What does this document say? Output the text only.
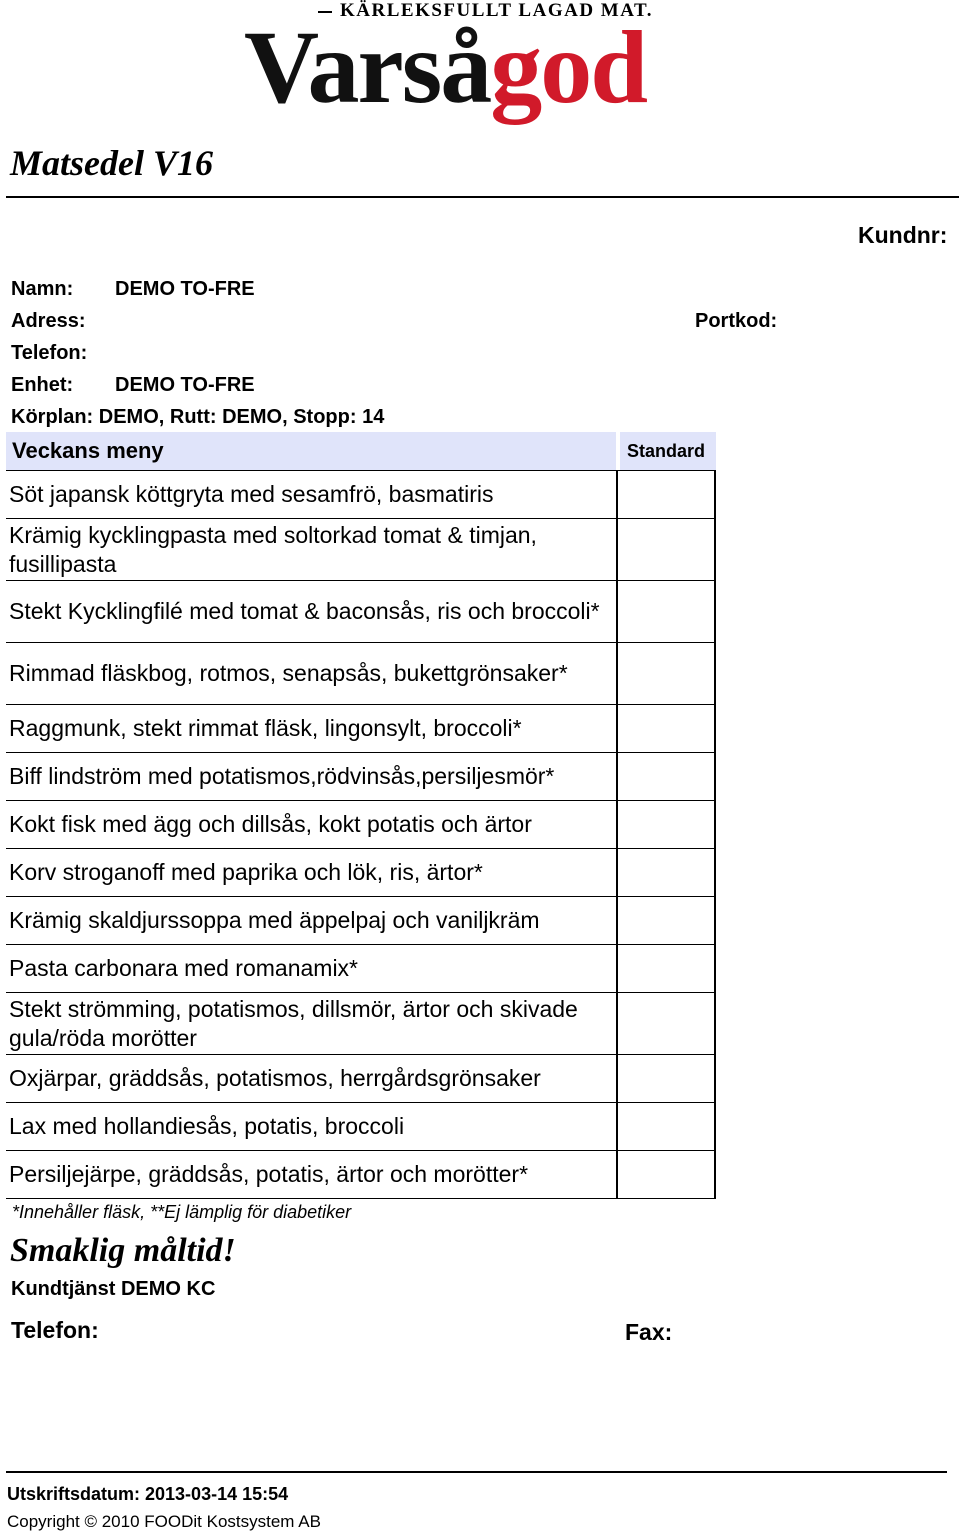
KÄRLEKSFULLT LAGAD MAT.
Varsågod
Matsedel V16
Kundnr:
Namn: DEMO TO-FRE
Adress:	Portkod:
Telefon:
Enhet: DEMO TO-FRE
Körplan: DEMO, Rutt: DEMO, Stopp: 14
Veckans meny	Standard
Söt japansk köttgryta med sesamfrö, basmatiris
Krämig kycklingpasta med soltorkad tomat & timjan, fusillipasta
Stekt Kycklingfilé med tomat & baconsås, ris och broccoli*
Rimmad fläskbog, rotmos, senapsås, bukettgrönsaker*
Raggmunk, stekt rimmat fläsk, lingonsylt, broccoli*
Biff lindström med potatismos,rödvinsås,persiljesmör*
Kokt fisk med ägg och dillsås, kokt potatis och ärtor
Korv stroganoff med paprika och lök, ris, ärtor*
Krämig skaldjurssoppa med äppelpaj och vaniljkräm
Pasta carbonara med romanamix*
Stekt strömming, potatismos, dillsmör, ärtor och skivade gula/röda morötter
Oxjärpar, gräddsås, potatismos, herrgårdsgrönsaker
Lax med hollandiesås, potatis, broccoli
Persiljejärpe, gräddsås, potatis, ärtor och morötter*
*Innehåller fläsk, **Ej lämplig för diabetiker
Smaklig måltid!
Kundtjänst DEMO KC
Telefon:	Fax:
Utskriftsdatum: 2013-03-14 15:54
Copyright © 2010 FOODit Kostsystem AB
